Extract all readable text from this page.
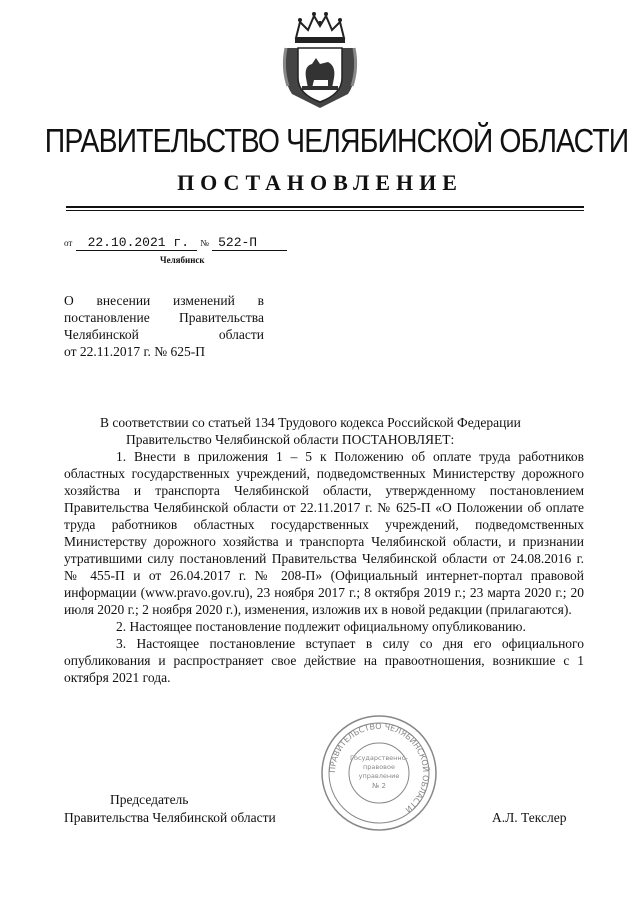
ПРАВИТЕЛЬСТВО ЧЕЛЯБИНСКОЙ ОБЛАСТИ
ПОСТАНОВЛЕНИЕ
от 22.10.2021 г. № 522-П
Челябинск
О внесении изменений в
постановление Правительства
Челябинской области
от 22.11.2017 г. № 625-П

В соответствии со статьей 134 Трудового кодекса Российской Федерации

Правительство Челябинской области ПОСТАНОВЛЯЕТ:

1. Внести в приложения 1 – 5 к Положению об оплате труда работников областных государственных учреждений, подведомственных Министерству дорожного хозяйства и транспорта Челябинской области, утвержденному постановлением Правительства Челябинской области от 22.11.2017 г. № 625-П «О Положении об оплате труда работников областных государственных учреждений, подведомственных Министерству дорожного хозяйства и транспорта Челябинской области, и признании утратившими силу постановлений Правительства Челябинской области от 24.08.2016 г. № 455-П и от 26.04.2017 г. № 208-П» (Официальный интернет-портал правовой информации (www.pravo.gov.ru), 23 ноября 2017 г.; 8 октября 2019 г.; 23 марта 2020 г.; 20 июля 2020 г.; 2 ноября 2020 г.), изменения, изложив их в новой редакции (прилагаются).

2. Настоящее постановление подлежит официальному опубликованию.

3. Настоящее постановление вступает в силу со дня его официального опубликования и распространяет свое действие на правоотношения, возникшие с 1 октября 2021 года.

Председатель
Правительства Челябинской области	А.Л. Текслер
ПРАВИТЕЛЬСТВО ЧЕЛЯБИНСКОЙ ОБЛАСТИ
Государственно-
правовое
управление
№ 2
